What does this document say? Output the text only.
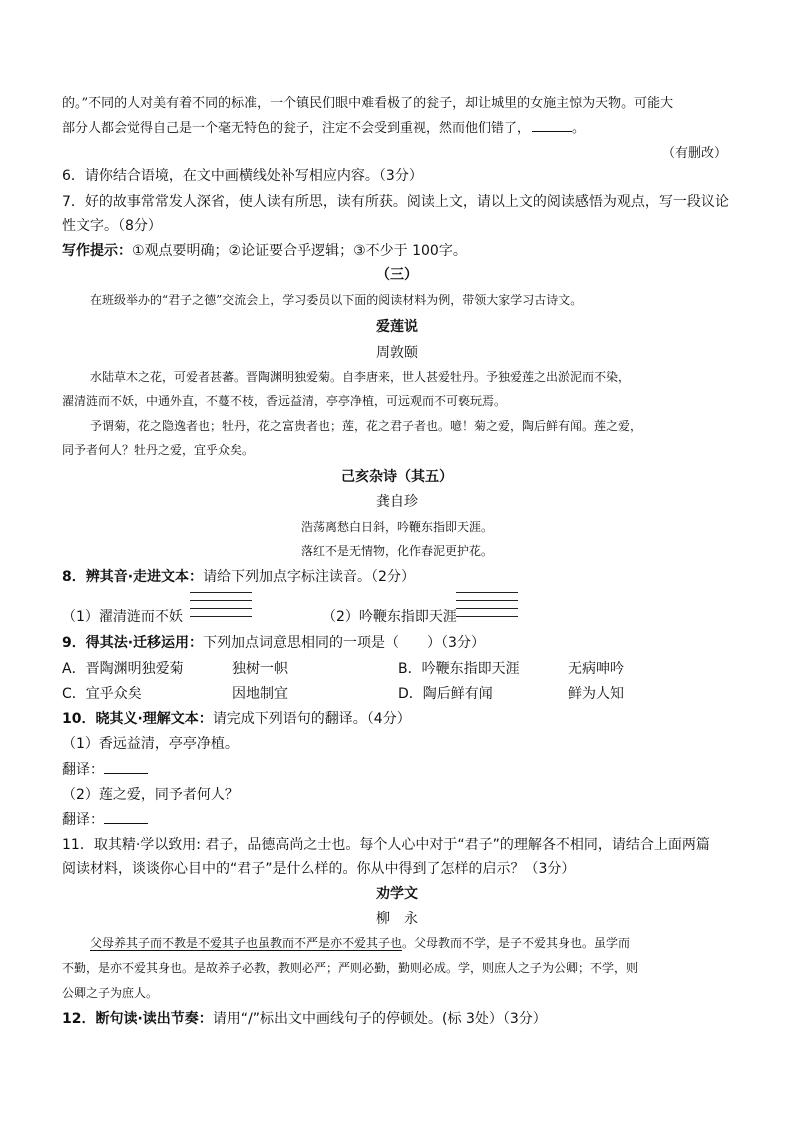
的。”不同的人对美有着不同的标准，一个镇民们眼中难看极了的瓮子，却让城里的女施主惊为天物。可能大
部分人都会觉得自己是一个毫无特色的瓮子，注定不会受到重视，然而他们错了，	。
（有删改）
6．请你结合语境，在文中画横线处补写相应内容。（3分）
7．好的故事常常发人深省，使人读有所思，读有所获。阅读上文，请以上文的阅读感悟为观点，写一段议论
性文字。（8分）
写作提示：①观点要明确；②论证要合乎逻辑；③不少于 100字。
（三）
在班级举办的“君子之德”交流会上，学习委员以下面的阅读材料为例，带领大家学习古诗文。
爱莲说
周敦颐
水陆草木之花，可爱者甚蕃。晋陶渊明独爱菊。自李唐来，世人甚爱牡丹。予独爱莲之出淤泥而不染，
濯清涟而不妖，中通外直，不蔓不枝，香远益清，亭亭净植，可远观而不可亵玩焉。
予谓菊，花之隐逸者也；牡丹，花之富贵者也；莲，花之君子者也。噫！菊之爱，陶后鲜有闻。莲之爱，
同予者何人？牡丹之爱，宜乎众矣。
己亥杂诗（其五）
龚自珍
浩荡离愁白日斜，吟鞭东指即天涯。
落红不是无情物，化作春泥更护花。
8．辨其音·走进文本：请给下列加点字标注读音。（2分）
（1）濯清涟而不妖	（2）吟鞭东指即天涯
9．得其法·迁移运用：下列加点词意思相同的一项是（　　）（3分）
A．晋陶渊明独爱菊	独树一帜	B．吟鞭东指即天涯	无病呻吟
C．宜乎众矣	因地制宜	D．陶后鲜有闻	鲜为人知
10．晓其义·理解文本：请完成下列语句的翻译。（4分）
（1）香远益清，亭亭净植。
翻译：
（2）莲之爱，同予者何人？
翻译：
11．取其精·学以致用: 君子，品德高尚之士也。每个人心中对于“君子”的理解各不相同，请结合上面两篇
阅读材料，谈谈你心目中的“君子”是什么样的。你从中得到了怎样的启示？（3分）
劝学文
柳　永
父母养其子而不教是不爱其子也虽教而不严是亦不爱其子也。父母教而不学，是子不爱其身也。虽学而
不勤，是亦不爱其身也。是故养子必教，教则必严；严则必勤，勤则必成。学，则庶人之子为公卿；不学，则
公卿之子为庶人。
12．断句读·读出节奏：请用“/”标出文中画线句子的停顿处。(标 3处）（3分）
